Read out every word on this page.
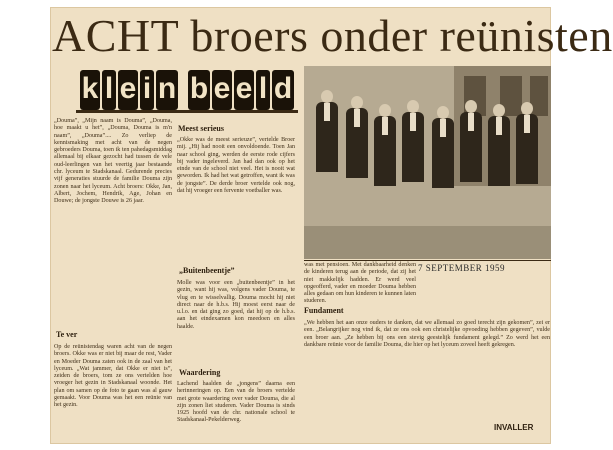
ACHT broers onder reünisten
k l e i n b e e l d

„Douma”, „Mijn naam is Douma”, „Douma, hoe maakt u het”, „Douma, Douma is m'n naam”, „Douma”.... Zo verliep de kennismaking met acht van de negen gebroeders Douma, toen ik ten pahedagsmiddag allemaal bij elkaar gezocht had tussen de vele oud-leerlingen van het veertig jaar bestaande chr. lyceum te Stadskanaal. Gedurende precies vijf generaties stuurde de familie Douma zijn zonen naar het lyceum. Acht broers: Okke, Jan, Albert, Jochem, Hendrik, Age, Johan en Douwe; de jongste Douwe is 26 jaar.

Te ver

Op de reünistendag waren acht van de negen broers. Okke was er niet bij maar de rest, Vader en Moeder Douma zaten ook in de zaal van het lyceum. „Wat jammer, dat Okke er niet is”, zeiden de broers, tom ze ons vertelden hoe vroeger het gezin in Stadskanaal woonde. Het plan om samen op de foto te gaan was al gauw gemaakt. Voor Douma was het een reünie van het gezin.

Meest serieus

„Okke was de meest serieuze”, vertelde Broer mij. „Hij had nooit een onvoldoende. Toen Jan naar school ging, werden de eerste rode cijfers bij vader ingeleverd. Jan had dan ook op het einde van de school niet veel. Het is nooit wat geworden. Ik had het wat getroffen, want ik was de jongste”. De derde broer vertelde ook nog, dat hij vroeger een fervente voetballer was.

„Buitenbeentje”

Molle was voor een „buitenbeentje” in het gezin, want hij was, volgens vader Douma, te vlug en te wisselvallig. Douma mocht hij niet direct naar de h.b.s. Hij moest eerst naar de u.l.o. en dat ging zo goed, dat hij op de h.b.s. aan het eindexamen kon meedoen en alles haalde.

Waardering

Lachend haalden de „jongens” daarna een herinneringen op. Een van de broers vertelde met grote waardering over vader Douma, die al zijn zonen liet studeren. Vader Douma is sinds 1925 hoofd van de chr. nationale school te Stadskanaal-Pekelderweg.

was met pensioen. Met dankbaarheid denken de kinderen terug aan de periode, dat zij het niet makkelijk hadden. Er werd veel opgeofferd, vader en moeder Douma hebben alles gedaan om hun kinderen te kunnen laten studeren.

7 SEPTEMBER 1959
Fundament

„We hebben het aan onze ouders te danken, dat we allemaal zo goed terecht zijn gekomen”, zei er een. „Belangrijker nog vind ik, dat ze ons ook een christelijke opvoeding hebben gegeven”, vulde een broer aan. „Ze hebben bij ons een stevig geestelijk fundament gelegd.” Zo werd het een dankbare reünie voor de familie Douma, die hier op het lyceum zoveel heeft gekregen.

INVALLER
